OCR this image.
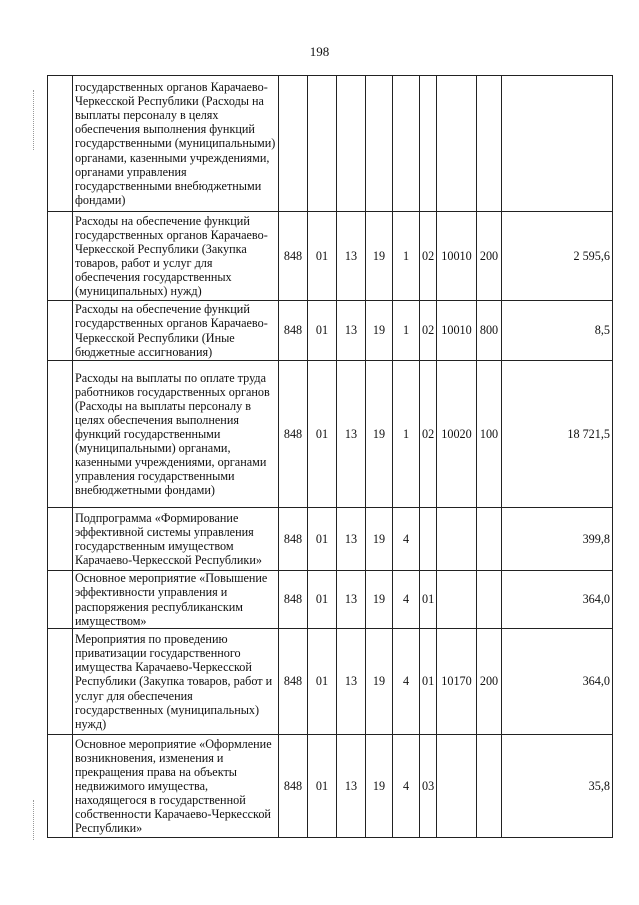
198
	государственных органов Карачаево-Черкесской Республики (Расходы на выплаты персоналу в целях обеспечения выполнения функций государственными (муниципальными) органами, казенными учреждениями, органами управления государственными внебюджетными фондами)									
	Расходы на обеспечение функций государственных органов Карачаево-Черкесской Республики (Закупка товаров, работ и услуг для обеспечения государственных (муниципальных) нужд)	848	01	13	19	1	02	10010	200	2 595,6
	Расходы на обеспечение функций государственных органов Карачаево-Черкесской Республики (Иные бюджетные ассигнования)	848	01	13	19	1	02	10010	800	8,5
	Расходы на выплаты по оплате труда работников государственных органов (Расходы на выплаты персоналу в целях обеспечения выполнения функций государственными (муниципальными) органами, казенными учреждениями, органами управления государственными внебюджетными фондами)	848	01	13	19	1	02	10020	100	18 721,5
	Подпрограмма «Формирование эффективной системы управления государственным имуществом Карачаево-Черкесской Республики»	848	01	13	19	4				399,8
	Основное мероприятие «Повышение эффективности управления и распоряжения республиканским имуществом»	848	01	13	19	4	01			364,0
	Мероприятия по проведению приватизации государственного имущества Карачаево-Черкесской Республики (Закупка товаров, работ и услуг для обеспечения государственных (муниципальных) нужд)	848	01	13	19	4	01	10170	200	364,0
	Основное мероприятие «Оформление возникновения, изменения и прекращения права на объекты недвижимого имущества, находящегося в государственной собственности Карачаево-Черкесской Республики»	848	01	13	19	4	03			35,8
